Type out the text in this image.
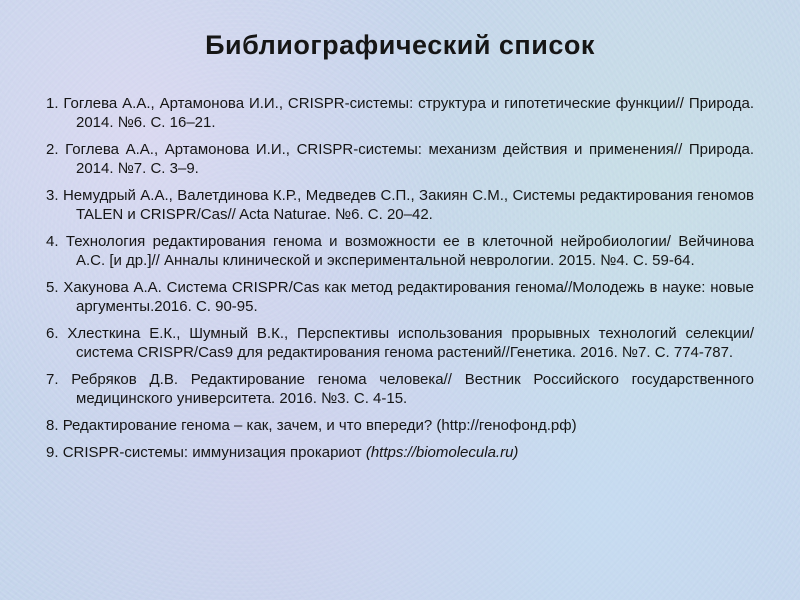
Библиографический список
1. Гоглева А.А., Артамонова И.И., CRISPR-системы: структура и гипотетические функции// Природа. 2014. №6. С. 16–21.
2. Гоглева А.А., Артамонова И.И., CRISPR-системы: механизм действия и применения// Природа. 2014. №7. С. 3–9.
3. Немудрый А.А., Валетдинова К.Р., Медведев С.П., Закиян С.М., Системы редактирования геномов TALEN и CRISPR/Cas// Acta Naturae. №6. С. 20–42.
4. Технология редактирования генома и возможности ее в клеточной нейробиологии/ Вейчинова А.С. [и др.]// Анналы клинической и экспериментальной неврологии. 2015. №4. С. 59-64.
5. Хакунова А.А. Система CRISPR/Cas как метод редактирования генома//Молодежь в науке: новые аргументы.2016. С. 90-95.
6. Хлесткина Е.К., Шумный В.К., Перспективы использования прорывных технологий селекции/ система CRISPR/Cas9 для редактирования генома растений//Генетика. 2016. №7. С. 774-787.
7. Ребряков Д.В. Редактирование генома человека// Вестник Российского государственного медицинского университета. 2016. №3. С. 4-15.
8. Редактирование генома – как, зачем, и что впереди? (http://генофонд.рф)
9. CRISPR-системы: иммунизация прокариот (https://biomolecula.ru)
